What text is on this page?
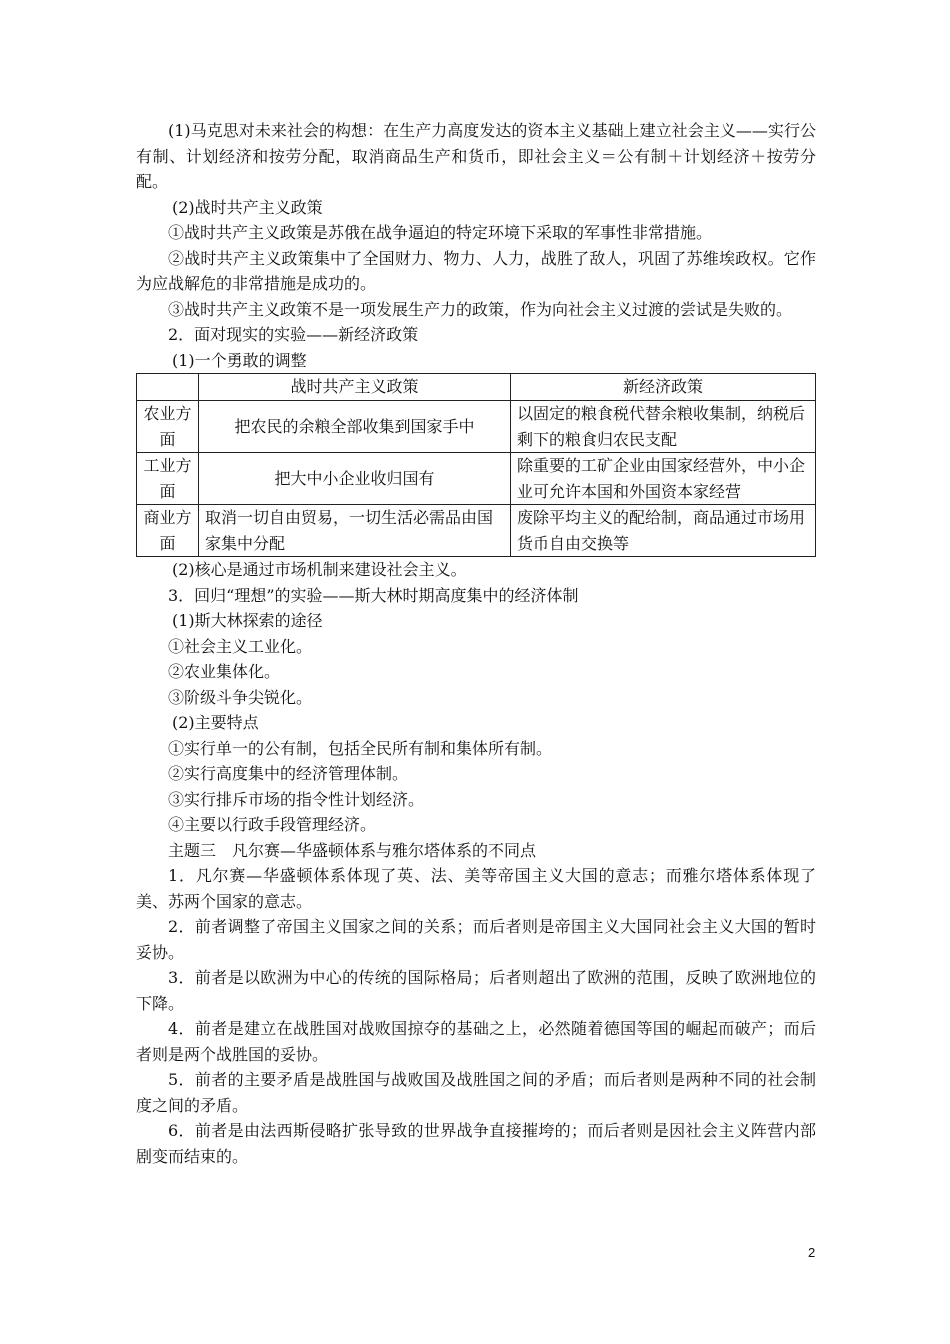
(1)马克思对未来社会的构想：在生产力高度发达的资本主义基础上建立社会主义——实行公有制、计划经济和按劳分配，取消商品生产和货币，即社会主义＝公有制＋计划经济＋按劳分配。

(2)战时共产主义政策

①战时共产主义政策是苏俄在战争逼迫的特定环境下采取的军事性非常措施。

②战时共产主义政策集中了全国财力、物力、人力，战胜了敌人，巩固了苏维埃政权。它作为应战解危的非常措施是成功的。

③战时共产主义政策不是一项发展生产力的政策，作为向社会主义过渡的尝试是失败的。

2．面对现实的实验——新经济政策

(1)一个勇敢的调整

	战时共产主义政策	新经济政策
农业方面	把农民的余粮全部收集到国家手中	以固定的粮食税代替余粮收集制，纳税后剩下的粮食归农民支配
工业方面	把大中小企业收归国有	除重要的工矿企业由国家经营外，中小企业可允许本国和外国资本家经营
商业方面	取消一切自由贸易，一切生活必需品由国家集中分配	废除平均主义的配给制，商品通过市场用货币自由交换等

(2)核心是通过市场机制来建设社会主义。

3．回归“理想”的实验——斯大林时期高度集中的经济体制

(1)斯大林探索的途径

①社会主义工业化。

②农业集体化。

③阶级斗争尖锐化。

(2)主要特点

①实行单一的公有制，包括全民所有制和集体所有制。

②实行高度集中的经济管理体制。

③实行排斥市场的指令性计划经济。

④主要以行政手段管理经济。

主题三　凡尔赛—华盛顿体系与雅尔塔体系的不同点

1．凡尔赛—华盛顿体系体现了英、法、美等帝国主义大国的意志；而雅尔塔体系体现了美、苏两个国家的意志。

2．前者调整了帝国主义国家之间的关系；而后者则是帝国主义大国同社会主义大国的暂时妥协。

3．前者是以欧洲为中心的传统的国际格局；后者则超出了欧洲的范围，反映了欧洲地位的下降。

4．前者是建立在战胜国对战败国掠夺的基础之上，必然随着德国等国的崛起而破产；而后者则是两个战胜国的妥协。

5．前者的主要矛盾是战胜国与战败国及战胜国之间的矛盾；而后者则是两种不同的社会制度之间的矛盾。

6．前者是由法西斯侵略扩张导致的世界战争直接摧垮的；而后者则是因社会主义阵营内部剧变而结束的。

2
